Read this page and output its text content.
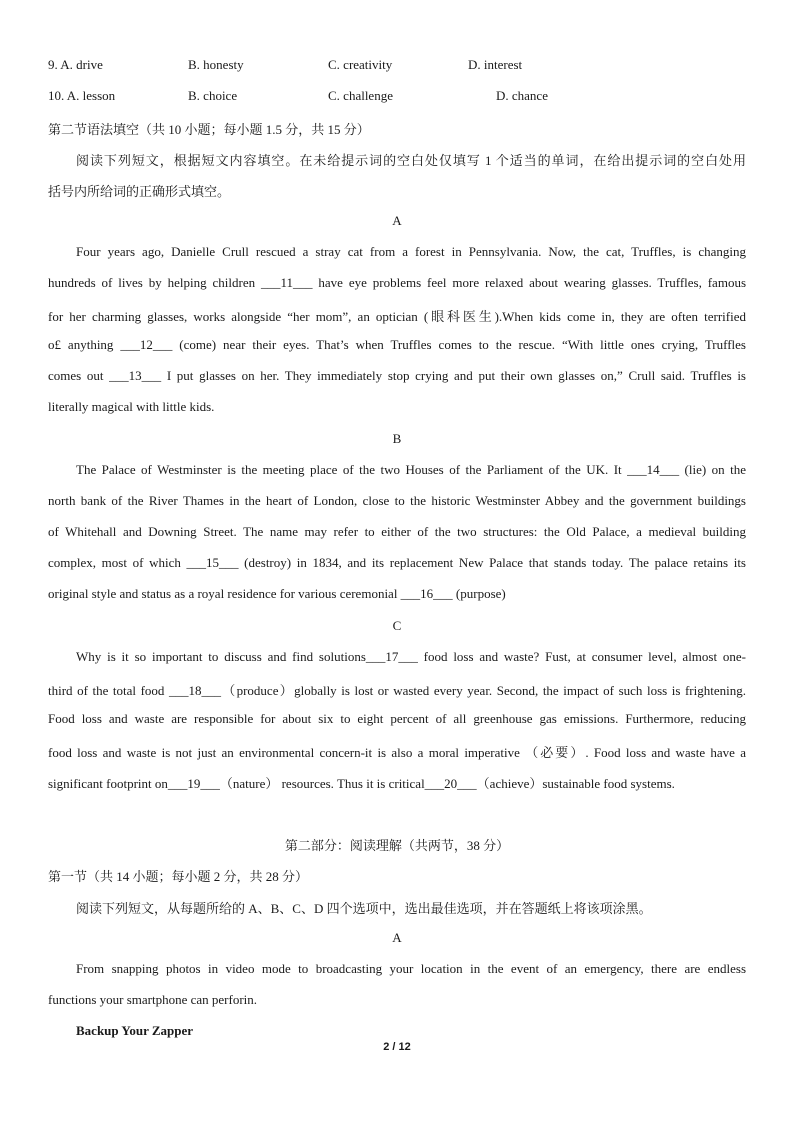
9. A. drive	B. honesty	C. creativity	D. interest
10. A. lesson	B. choice	C. challenge	D. chance
第二节语法填空（共 10 小题；每小题 1.5 分，共 15 分）
阅读下列短文，根据短文内容填空。在未给提示词的空白处仅填写 1 个适当的单词，在给出提示词的空白处用
括号内所给词的正确形式填空。
A
Four years ago, Danielle Crull rescued a stray cat from a forest in Pennsylvania. Now, the cat, Truffles, is changing
hundreds of lives by helping children ___11___ have eye problems feel more relaxed about wearing glasses. Truffles, famous
for her charming glasses, works alongside “her mom”, an optician (眼科医生).When kids come in, they are often terrified
o£ anything ___12___ (come) near their eyes. That’s when Truffles comes to the rescue. “With little ones crying, Truffles
comes out ___13___ I put glasses on her. They immediately stop crying and put their own glasses on,” Crull said. Truffles is
literally magical with little kids.
B
The Palace of Westminster is the meeting place of the two Houses of the Parliament of the UK. It ___14___ (lie) on the
north bank of the River Thames in the heart of London, close to the historic Westminster Abbey and the government buildings
of Whitehall and Downing Street. The name may refer to either of the two structures: the Old Palace, a medieval building
complex, most of which ___15___ (destroy) in 1834, and its replacement New Palace that stands today. The palace retains its
original style and status as a royal residence for various ceremonial ___16___ (purpose)
C
Why is it so important to discuss and find solutions___17___ food loss and waste? Fust, at consumer level, almost one-
third of the total food ___18___（produce）globally is lost or wasted every year. Second, the impact of such loss is frightening.
Food loss and waste are responsible for about six to eight percent of all greenhouse gas emissions. Furthermore, reducing
food loss and waste is not just an environmental concern-it is also a moral imperative （必要）. Food loss and waste have a
significant footprint on___19___（nature） resources. Thus it is critical___20___（achieve）sustainable food systems.
第二部分：阅读理解（共两节，38 分）
第一节（共 14 小题；每小题 2 分，共 28 分）
阅读下列短文，从每题所给的 A、B、C、D 四个选项中，选出最佳选项，并在答题纸上将该项涂黑。
A
From snapping photos in video mode to broadcasting your location in the event of an emergency, there are endless
functions your smartphone can perforin.
Backup Your Zapper
2 / 12
